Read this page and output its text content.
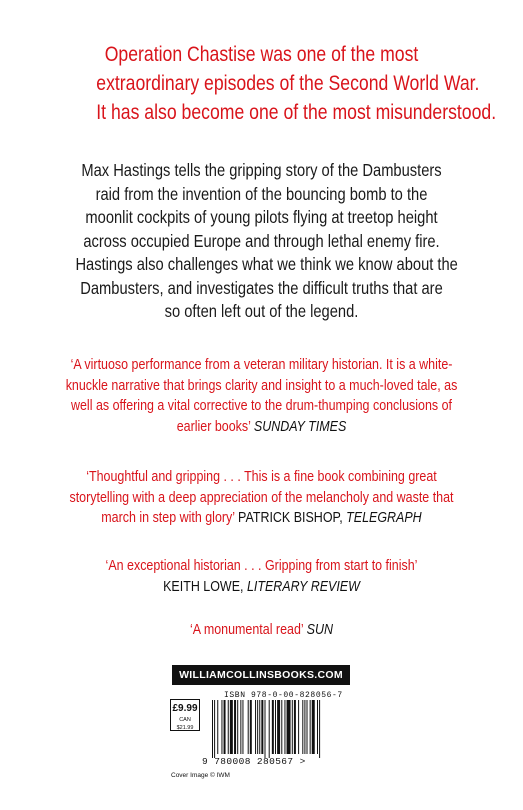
Operation Chastise was one of the most
extraordinary episodes of the Second World War.
It has also become one of the most misunderstood.
Max Hastings tells the gripping story of the Dambusters
raid from the invention of the bouncing bomb to the
moonlit cockpits of young pilots flying at treetop height
across occupied Europe and through lethal enemy fire.
Hastings also challenges what we think we know about the
Dambusters, and investigates the difficult truths that are
so often left out of the legend.
‘A virtuoso performance from a veteran military historian. It is a white-
knuckle narrative that brings clarity and insight to a much-loved tale, as
well as offering a vital corrective to the drum-thumping conclusions of
earlier books’ SUNDAY TIMES
‘Thoughtful and gripping . . . This is a fine book combining great
storytelling with a deep appreciation of the melancholy and waste that
march in step with glory’ PATRICK BISHOP, TELEGRAPH
‘An exceptional historian . . . Gripping from start to finish’
KEITH LOWE, LITERARY REVIEW
‘A monumental read’ SUN
WILLIAMCOLLINSBOOKS.COM
£9.99
CAN $21.99
ISBN 978-0-00-828056-7
9 780008 280567 >
Cover Image © IWM
